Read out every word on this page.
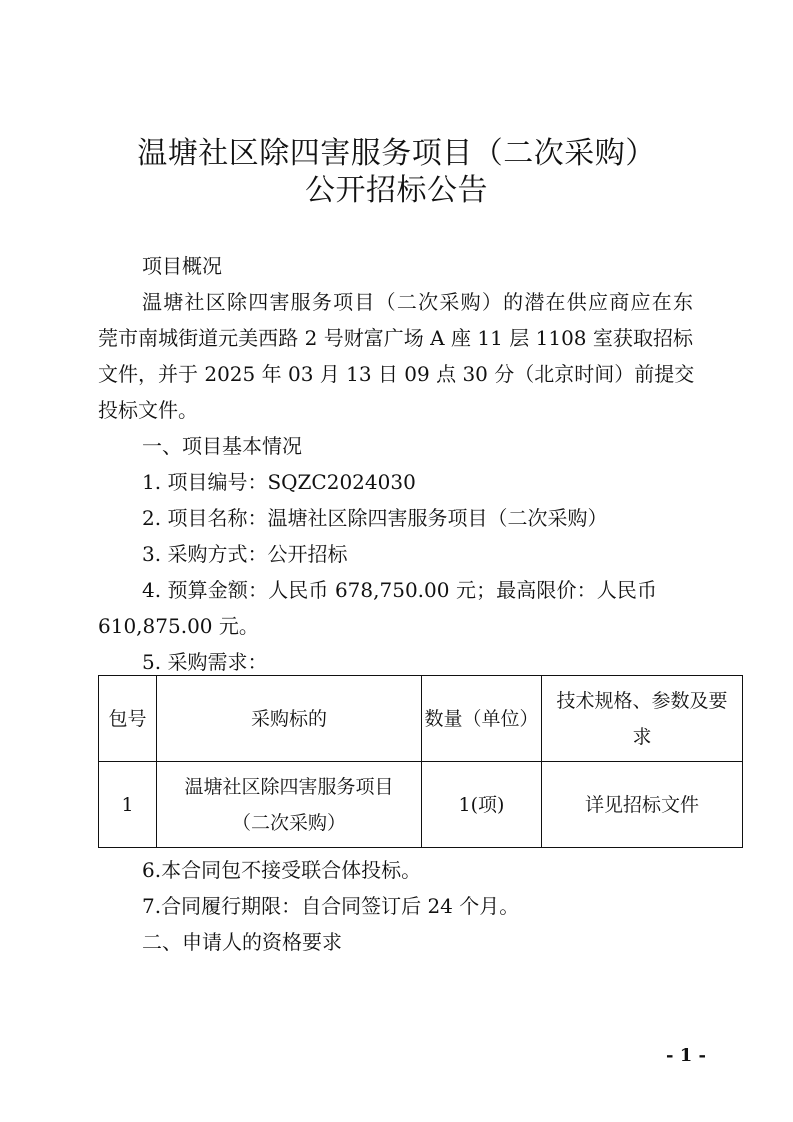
温塘社区除四害服务项目（二次采购）
公开招标公告
项目概况
温塘社区除四害服务项目（二次采购）的潜在供应商应在东
莞市南城街道元美西路 2 号财富广场 A 座 11 层 1108 室获取招标
文件，并于 2025 年 03 月 13 日 09 点 30 分（北京时间）前提交
投标文件。
一、项目基本情况
1. 项目编号：SQZC2024030
2. 项目名称：温塘社区除四害服务项目（二次采购）
3. 采购方式：公开招标
4. 预算金额：人民币 678,750.00 元；最高限价：人民币
610,875.00 元。
5. 采购需求：
包号	采购标的	数量（单位）	技术规格、参数及要
求

1	温塘社区除四害服务项目
（二次采购）	1(项)	详见招标文件
6.本合同包不接受联合体投标。
7.合同履行期限：自合同签订后 24 个月。
二、申请人的资格要求
- 1 -
